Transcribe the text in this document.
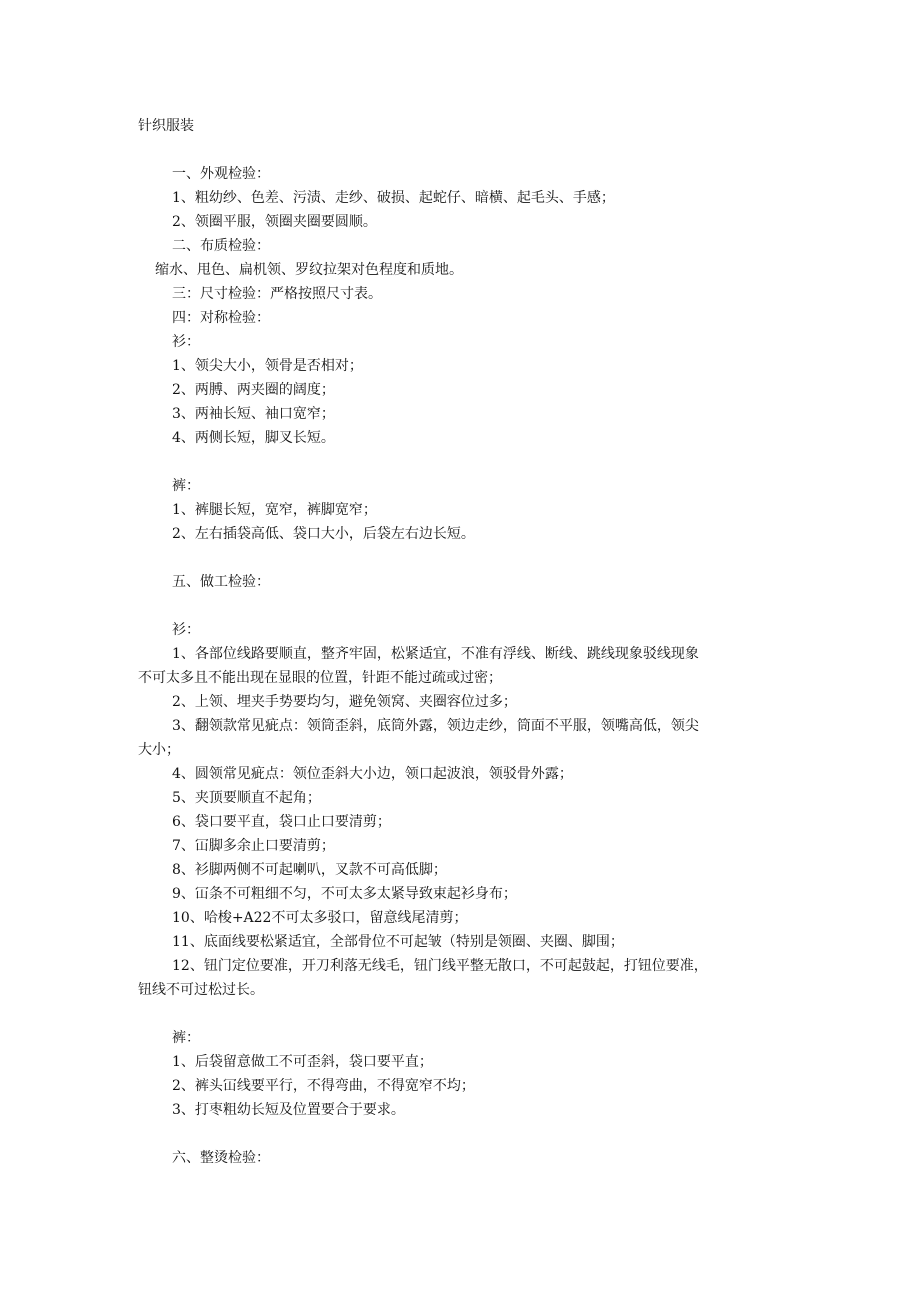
针织服装
一、外观检验：
1、粗幼纱、色差、污渍、走纱、破损、起蛇仔、暗横、起毛头、手感；
2、领圈平服，领圈夹圈要圆顺。
二、布质检验：
缩水、甩色、扁机领、罗纹拉架对色程度和质地。
三：尺寸检验：严格按照尺寸表。
四：对称检验：
衫：
1、领尖大小，领骨是否相对；
2、两膊、两夹圈的阔度；
3、两袖长短、袖口宽窄；
4、两侧长短，脚叉长短。
裤：
1、裤腿长短，宽窄，裤脚宽窄；
2、左右插袋高低、袋口大小，后袋左右边长短。
五、做工检验：
衫：
1、各部位线路要顺直，整齐牢固，松紧适宜，不准有浮线、断线、跳线现象驳线现象
不可太多且不能出现在显眼的位置，针距不能过疏或过密；
2、上领、埋夹手势要均匀，避免领窝、夹圈容位过多；
3、翻领款常见疵点：领筒歪斜，底筒外露，领边走纱，筒面不平服，领嘴高低，领尖
大小；
4、圆领常见疵点：领位歪斜大小边，领口起波浪，领驳骨外露；
5、夹顶要顺直不起角；
6、袋口要平直，袋口止口要清剪；
7、冚脚多余止口要清剪；
8、衫脚两侧不可起喇叭，叉款不可高低脚；
9、冚条不可粗细不匀，不可太多太紧导致束起衫身布；
10、哈梭+A22不可太多驳口，留意线尾清剪；
11、底面线要松紧适宜，全部骨位不可起皱（特别是领圈、夹圈、脚围；
12、钮门定位要准，开刀利落无线毛，钮门线平整无散口，不可起鼓起，打钮位要准，
钮线不可过松过长。
裤：
1、后袋留意做工不可歪斜，袋口要平直；
2、裤头冚线要平行，不得弯曲，不得宽窄不均；
3、打枣粗幼长短及位置要合于要求。
六、整烫检验：
